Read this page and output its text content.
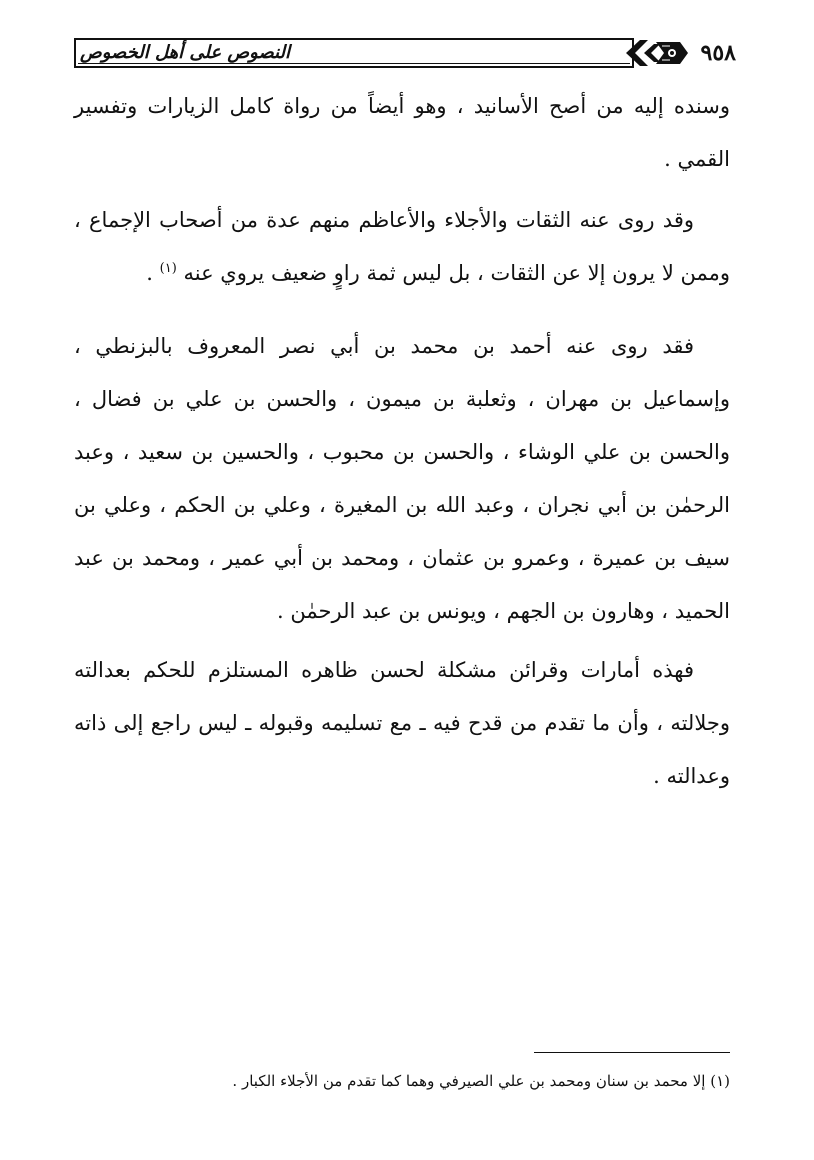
النصوص على أهل الخصوص	٩٥٨

وسنده إليه من أصح الأسانيد ، وهو أيضاً من رواة كامل الزيارات وتفسير القمي .

وقد روى عنه الثقات والأجلاء والأعاظم منهم عدة من أصحاب الإجماع ، وممن لا يرون إلا عن الثقات ، بل ليس ثمة راوٍ ضعيف يروي عنه $^{(١)}$ .

فقد روى عنه أحمد بن محمد بن أبي نصر المعروف بالبزنطي ، وإسماعيل بن مهران ، وثعلبة بن ميمون ، والحسن بن علي بن فضال ، والحسن بن علي الوشاء ، والحسن بن محبوب ، والحسين بن سعيد ، وعبد الرحمٰن بن أبي نجران ، وعبد الله بن المغيرة ، وعلي بن الحكم ، وعلي بن سيف بن عميرة ، وعمرو بن عثمان ، ومحمد بن أبي عمير ، ومحمد بن عبد الحميد ، وهارون بن الجهم ، ويونس بن عبد الرحمٰن .

فهذه أمارات وقرائن مشكلة لحسن ظاهره المستلزم للحكم بعدالته وجلالته ، وأن ما تقدم من قدح فيه ـ مع تسليمه وقبوله ـ ليس راجع إلى ذاته وعدالته .

(١) إلا محمد بن سنان ومحمد بن علي الصيرفي وهما كما تقدم من الأجلاء الكبار .
